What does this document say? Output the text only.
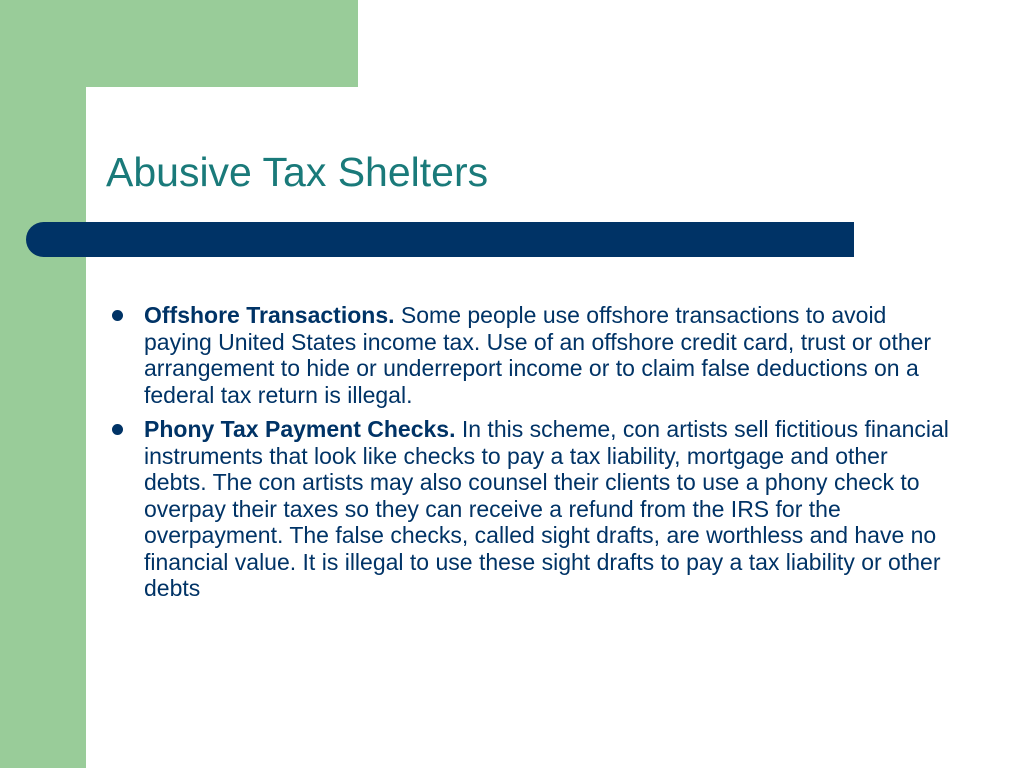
Abusive Tax Shelters
Offshore Transactions. Some people use offshore transactions to avoid paying United States income tax. Use of an offshore credit card, trust or other arrangement to hide or underreport income or to claim false deductions on a federal tax return is illegal.
Phony Tax Payment Checks. In this scheme, con artists sell fictitious financial instruments that look like checks to pay a tax liability, mortgage and other debts. The con artists may also counsel their clients to use a phony check to overpay their taxes so they can receive a refund from the IRS for the overpayment. The false checks, called sight drafts, are worthless and have no financial value. It is illegal to use these sight drafts to pay a tax liability or other debts
